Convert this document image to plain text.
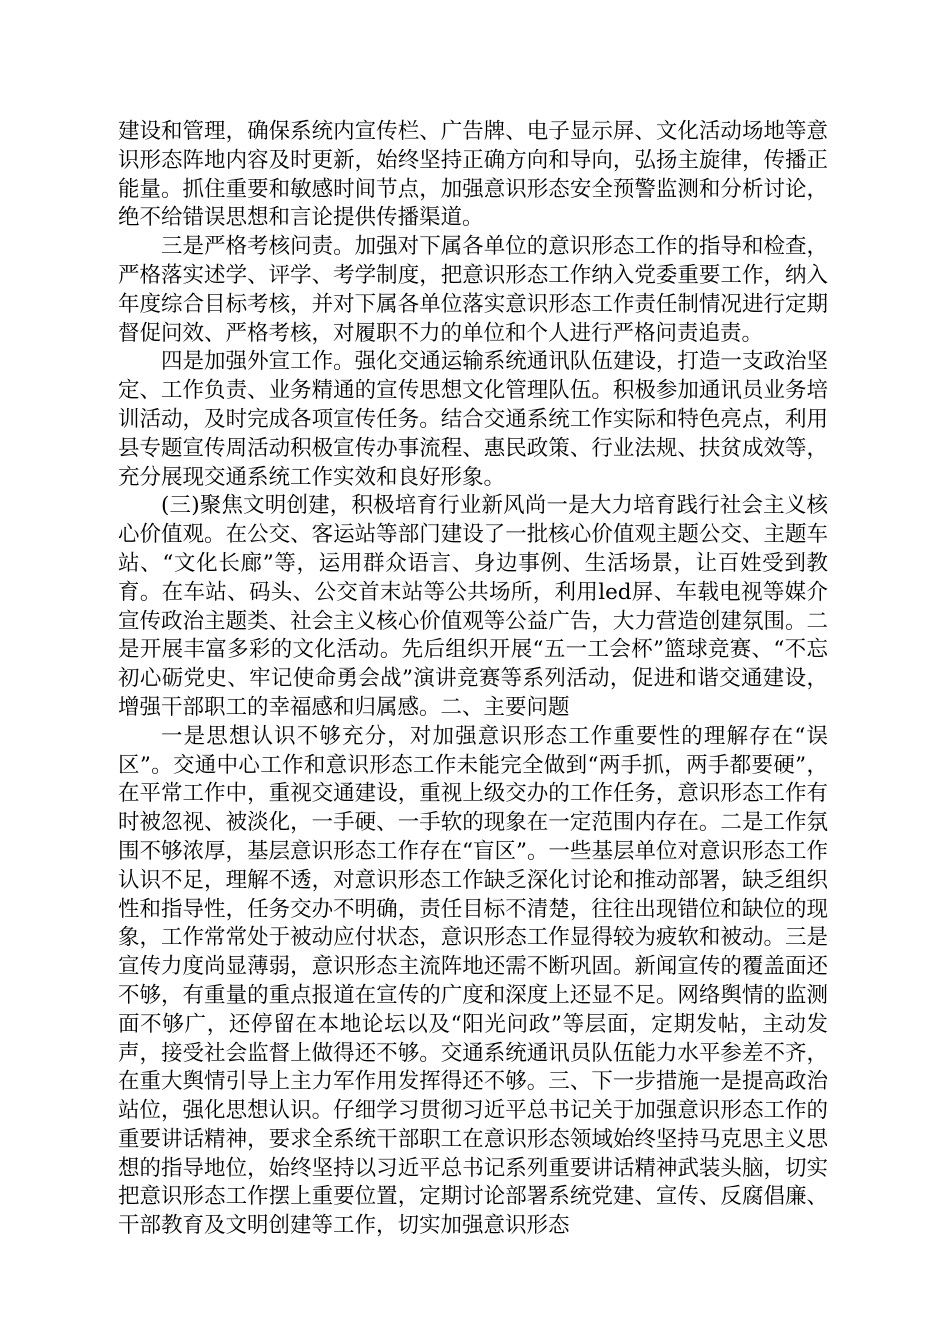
建设和管理，确保系统内宣传栏、广告牌、电子显示屏、文化活动场地等意识形态阵地内容及时更新，始终坚持正确方向和导向，弘扬主旋律，传播正能量。抓住重要和敏感时间节点，加强意识形态安全预警监测和分析讨论，绝不给错误思想和言论提供传播渠道。

三是严格考核问责。加强对下属各单位的意识形态工作的指导和检查，严格落实述学、评学、考学制度，把意识形态工作纳入党委重要工作，纳入年度综合目标考核，并对下属各单位落实意识形态工作责任制情况进行定期督促问效、严格考核，对履职不力的单位和个人进行严格问责追责。

四是加强外宣工作。强化交通运输系统通讯队伍建设，打造一支政治坚定、工作负责、业务精通的宣传思想文化管理队伍。积极参加通讯员业务培训活动，及时完成各项宣传任务。结合交通系统工作实际和特色亮点，利用县专题宣传周活动积极宣传办事流程、惠民政策、行业法规、扶贫成效等，充分展现交通系统工作实效和良好形象。

(三)聚焦文明创建，积极培育行业新风尚一是大力培育践行社会主义核心价值观。在公交、客运站等部门建设了一批核心价值观主题公交、主题车站、“文化长廊”等，运用群众语言、身边事例、生活场景，让百姓受到教育。在车站、码头、公交首末站等公共场所，利用led屏、车载电视等媒介宣传政治主题类、社会主义核心价值观等公益广告，大力营造创建氛围。二是开展丰富多彩的文化活动。先后组织开展“五一工会杯”篮球竞赛、“不忘初心砺党史、牢记使命勇会战”演讲竞赛等系列活动，促进和谐交通建设，增强干部职工的幸福感和归属感。二、主要问题

一是思想认识不够充分，对加强意识形态工作重要性的理解存在“误区”。交通中心工作和意识形态工作未能完全做到“两手抓，两手都要硬”，在平常工作中，重视交通建设，重视上级交办的工作任务，意识形态工作有时被忽视、被淡化，一手硬、一手软的现象在一定范围内存在。二是工作氛围不够浓厚，基层意识形态工作存在“盲区”。一些基层单位对意识形态工作认识不足，理解不透，对意识形态工作缺乏深化讨论和推动部署，缺乏组织性和指导性，任务交办不明确，责任目标不清楚，往往出现错位和缺位的现象，工作常常处于被动应付状态，意识形态工作显得较为疲软和被动。三是宣传力度尚显薄弱，意识形态主流阵地还需不断巩固。新闻宣传的覆盖面还不够，有重量的重点报道在宣传的广度和深度上还显不足。网络舆情的监测面不够广，还停留在本地论坛以及“阳光问政”等层面，定期发帖，主动发声，接受社会监督上做得还不够。交通系统通讯员队伍能力水平参差不齐，在重大舆情引导上主力军作用发挥得还不够。三、下一步措施一是提高政治站位，强化思想认识。仔细学习贯彻习近平总书记关于加强意识形态工作的重要讲话精神，要求全系统干部职工在意识形态领域始终坚持马克思主义思想的指导地位，始终坚持以习近平总书记系列重要讲话精神武装头脑，切实把意识形态工作摆上重要位置，定期讨论部署系统党建、宣传、反腐倡廉、干部教育及文明创建等工作，切实加强意识形态
